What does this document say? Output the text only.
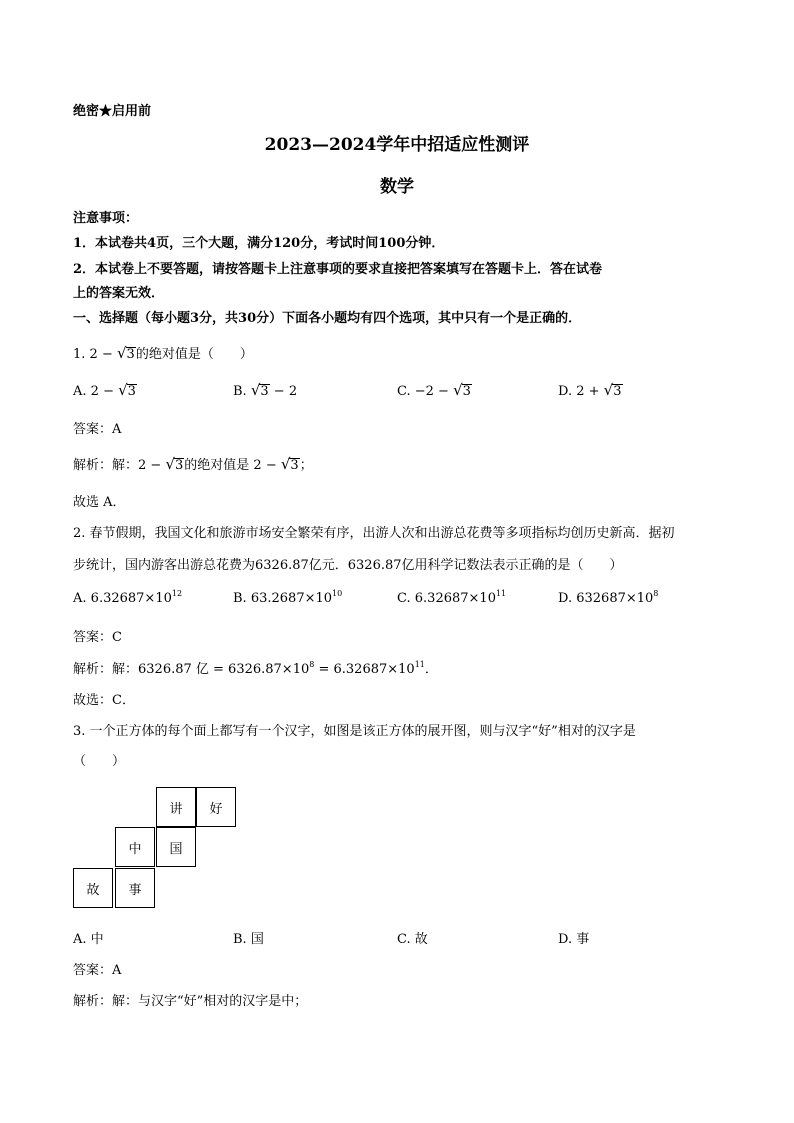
绝密★启用前
2023—2024学年中招适应性测评
数学
注意事项：
1．本试卷共4页，三个大题，满分120分，考试时间100分钟．
2．本试卷上不要答题，请按答题卡上注意事项的要求直接把答案填写在答题卡上．答在试卷
上的答案无效．
一、选择题（每小题3分，共30分）下面各小题均有四个选项，其中只有一个是正确的．
1. 2 − √3的绝对值是（　　）
A. 2 − √3	B. √3 − 2	C. −2 − √3	D. 2 + √3
答案：A
解析：解：2 − √3的绝对值是 2 − √3；
故选 A．
2. 春节假期，我国文化和旅游市场安全繁荣有序，出游人次和出游总花费等多项指标均创历史新高．据初
步统计，国内游客出游总花费为6326.87亿元．6326.87亿用科学记数法表示正确的是（　　）
A. $6.32687\times 10^{12}$	B. $63.2687\times 10^{10}$	C. $6.32687\times 10^{11}$	D. $632687\times 10^8$
答案：C
解析：解：6326.87 亿 = $6326.87\times 10^8 = 6.32687\times 10^{11}$．
故选：C．
3. 一个正方体的每个面上都写有一个汉字，如图是该正方体的展开图，则与汉字“好”相对的汉字是
（　　）
讲	好
中	国
故	事
A. 中	B. 国	C. 故	D. 事
答案：A
解析：解：与汉字“好”相对的汉字是中；
